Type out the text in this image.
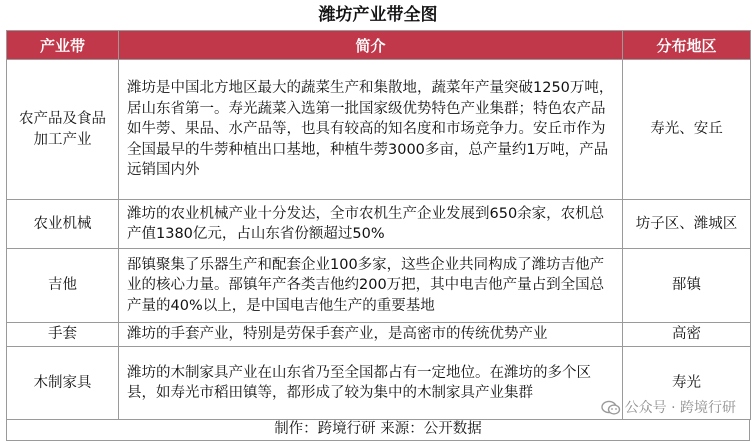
潍坊产业带全图
产业带	简介	分布地区
农产品及食品加工产业	潍坊是中国北方地区最大的蔬菜生产和集散地，蔬菜年产量突破1250万吨，居山东省第一。寿光蔬菜入选第一批国家级优势特色产业集群；特色农产品如牛蒡、果品、水产品等，也具有较高的知名度和市场竞争力。安丘市作为全国最早的牛蒡种植出口基地，种植牛蒡3000多亩，总产量约1万吨，产品远销国内外	寿光、安丘
农业机械	潍坊的农业机械产业十分发达，全市农机生产企业发展到650余家，农机总产值1380亿元，占山东省份额超过50%	坊子区、潍城区
吉他	郚镇聚集了乐器生产和配套企业100多家，这些企业共同构成了潍坊吉他产业的核心力量。郚镇年产各类吉他约200万把，其中电吉他产量占到全国总产量的40%以上，是中国电吉他生产的重要基地	郚镇
手套	潍坊的手套产业，特别是劳保手套产业，是高密市的传统优势产业	高密
木制家具	潍坊的木制家具产业在山东省乃至全国都占有一定地位。在潍坊的多个区县，如寿光市稻田镇等，都形成了较为集中的木制家具产业集群	寿光
公众号 · 跨境行研
制作：跨境行研 来源：公开数据
